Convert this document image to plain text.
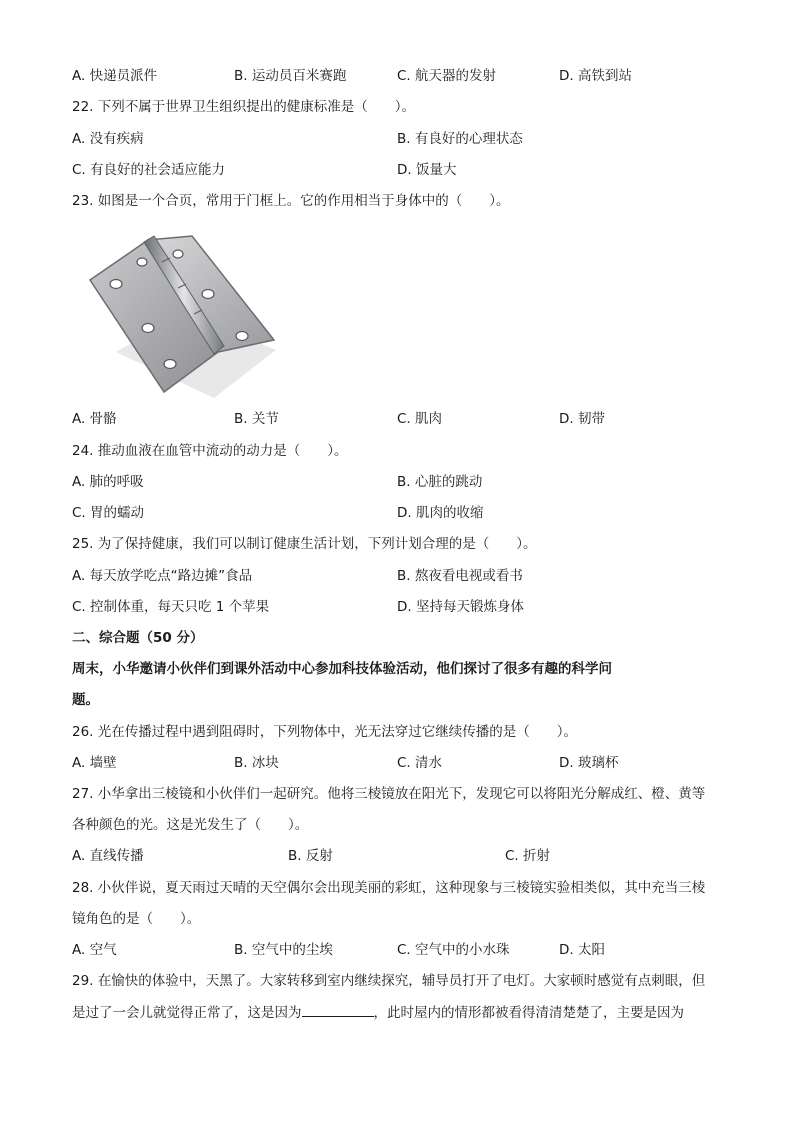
A. 快递员派件	B. 运动员百米赛跑	C. 航天器的发射	D. 高铁到站
22. 下列不属于世界卫生组织提出的健康标准是（　　）。
A. 没有疾病	B. 有良好的心理状态
C. 有良好的社会适应能力	D. 饭量大
23. 如图是一个合页，常用于门框上。它的作用相当于身体中的（　　）。
A. 骨骼	B. 关节	C. 肌肉	D. 韧带
24. 推动血液在血管中流动的动力是（　　）。
A. 肺的呼吸	B. 心脏的跳动
C. 胃的蠕动	D. 肌肉的收缩
25. 为了保持健康，我们可以制订健康生活计划，下列计划合理的是（　　）。
A. 每天放学吃点“路边摊”食品	B. 熬夜看电视或看书
C. 控制体重，每天只吃 1 个苹果	D. 坚持每天锻炼身体
二、综合题（50 分）
周末，小华邀请小伙伴们到课外活动中心参加科技体验活动，他们探讨了很多有趣的科学问
题。
26. 光在传播过程中遇到阻碍时，下列物体中，光无法穿过它继续传播的是（　　）。
A. 墙壁	B. 冰块	C. 清水	D. 玻璃杯
27. 小华拿出三棱镜和小伙伴们一起研究。他将三棱镜放在阳光下，发现它可以将阳光分解成红、橙、黄等
各种颜色的光。这是光发生了（　　）。
A. 直线传播	B. 反射	C. 折射
28. 小伙伴说，夏天雨过天晴的天空偶尔会出现美丽的彩虹，这种现象与三棱镜实验相类似，其中充当三棱
镜角色的是（　　）。
A. 空气	B. 空气中的尘埃	C. 空气中的小水珠	D. 太阳
29. 在愉快的体验中，天黑了。大家转移到室内继续探究，辅导员打开了电灯。大家顿时感觉有点刺眼，但
是过了一会儿就觉得正常了，这是因为	，此时屋内的情形都被看得清清楚楚了，主要是因为
